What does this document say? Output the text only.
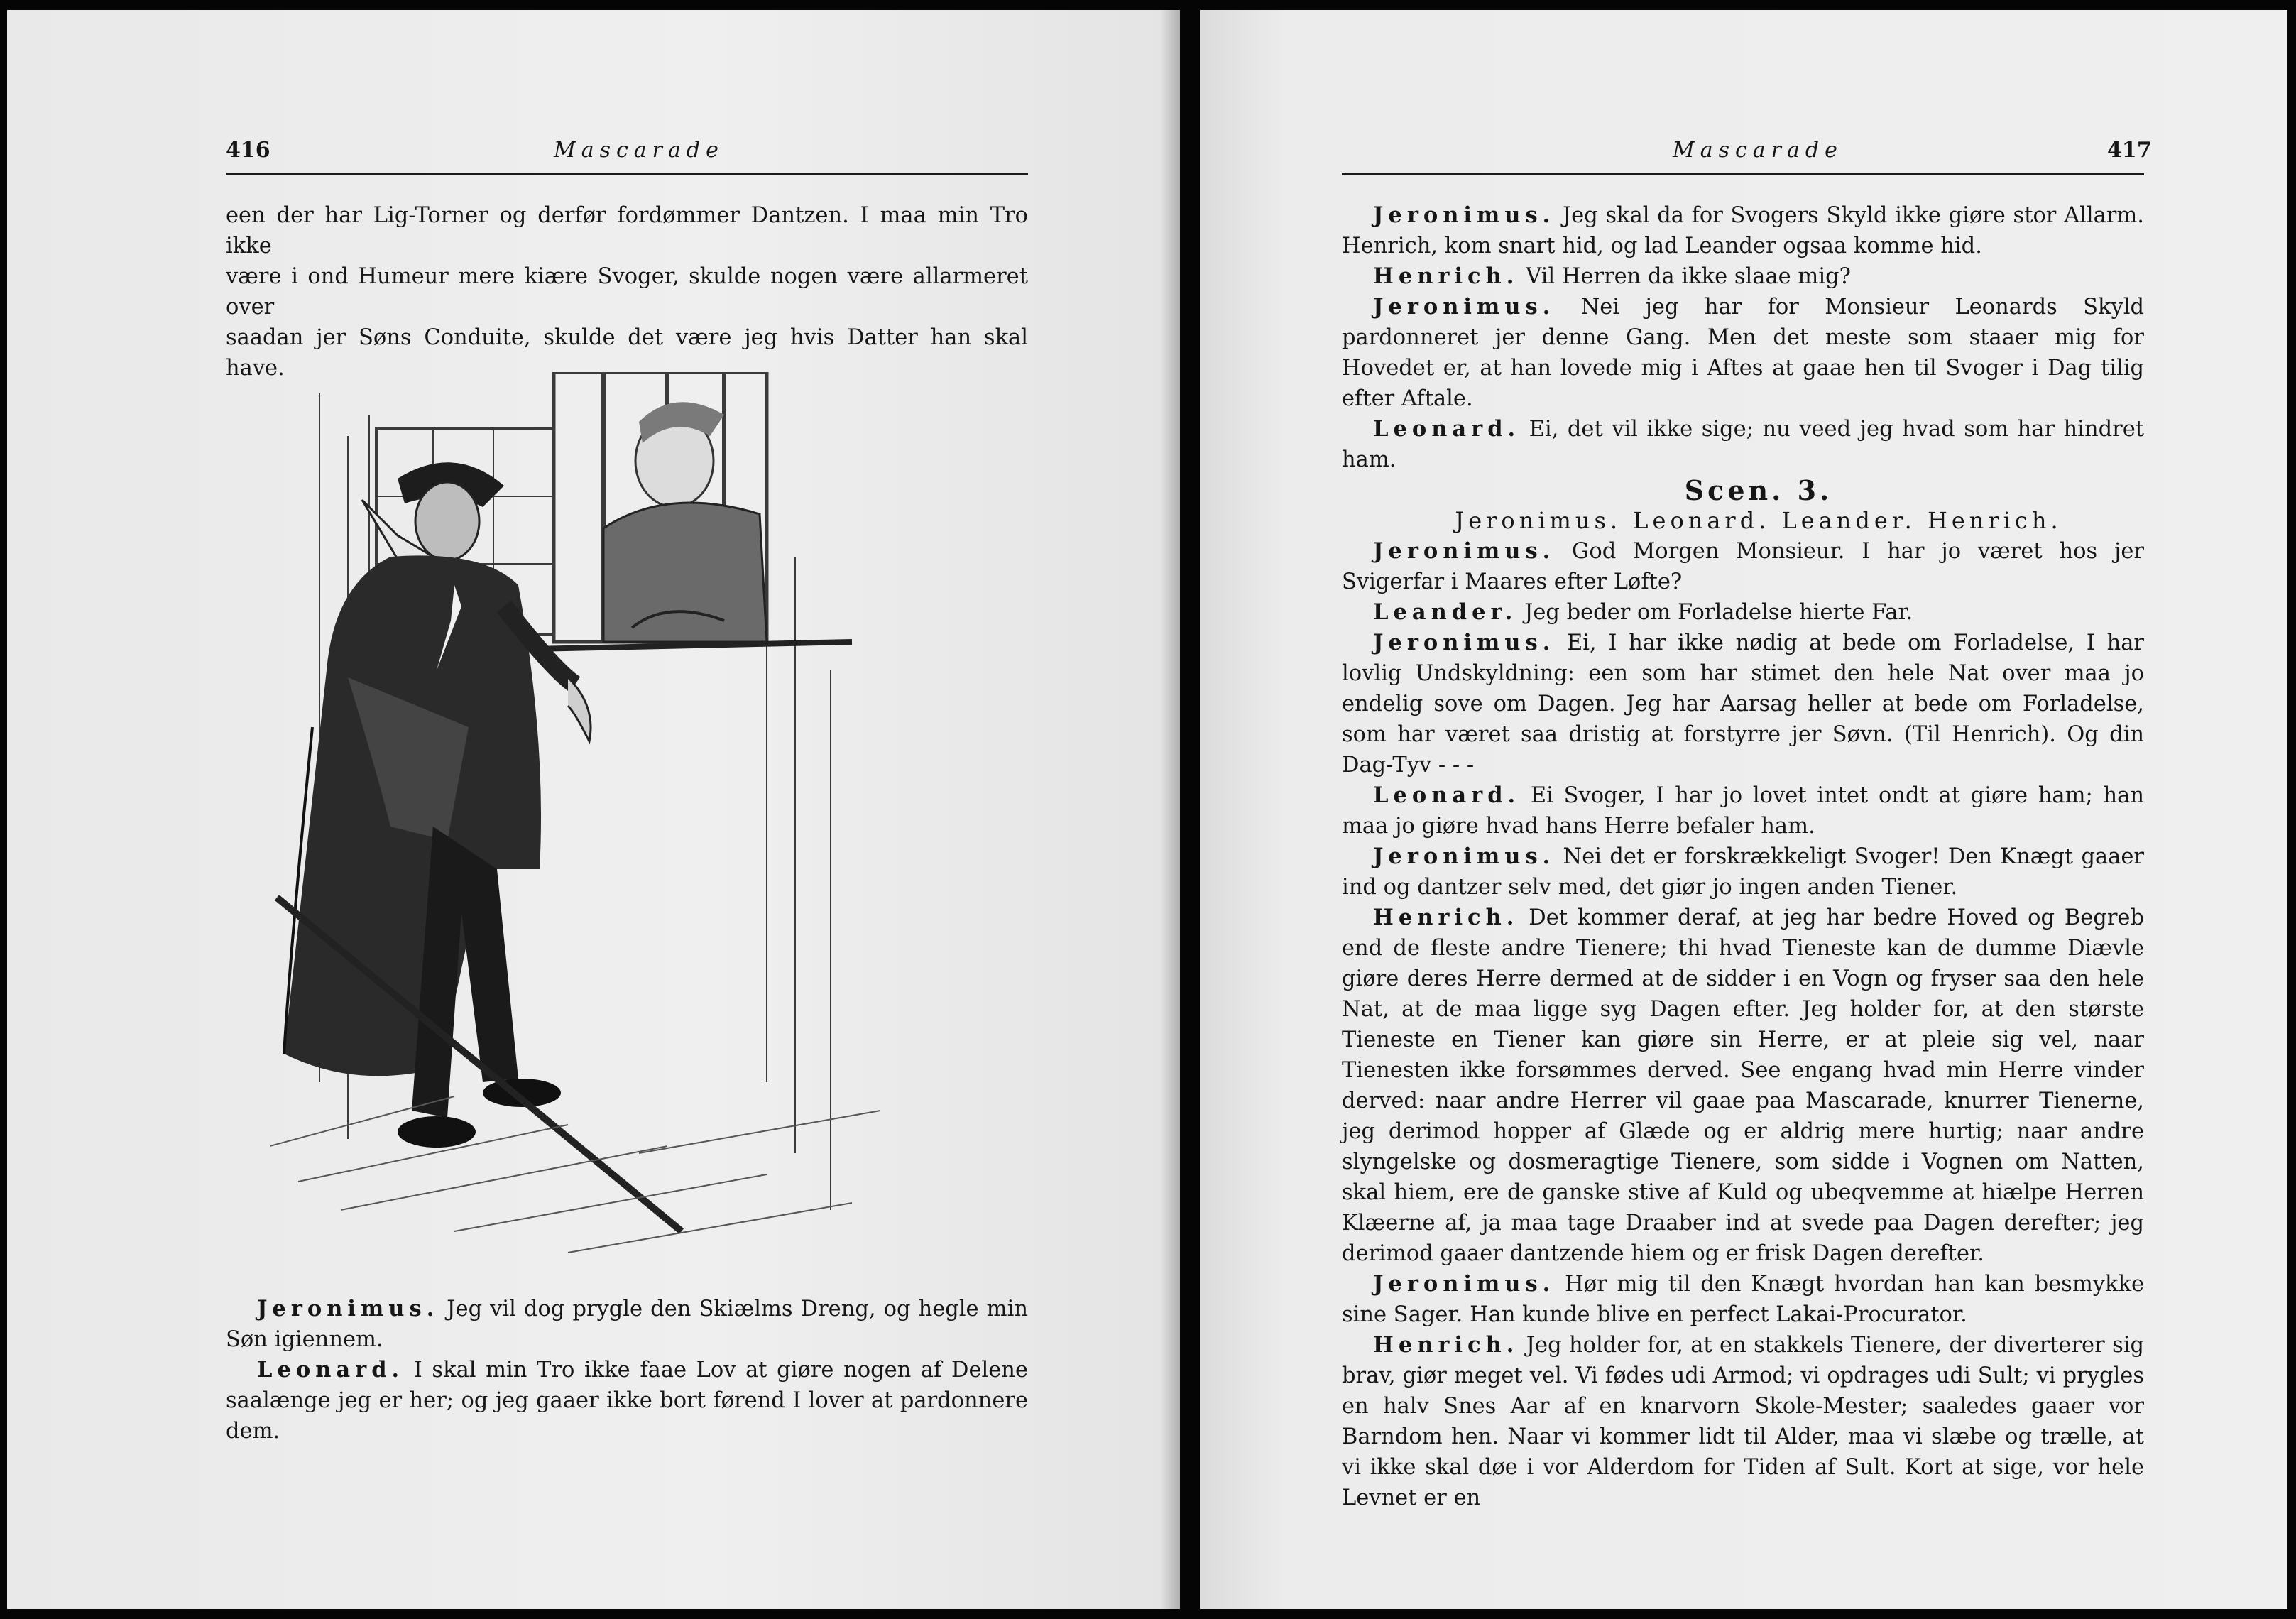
416	Mascarade

een der har Lig-Torner og derfør fordømmer Dantzen. I maa min Tro ikke

være i ond Humeur mere kiære Svoger, skulde nogen være allarmeret over

saadan jer Søns Conduite, skulde det være jeg hvis Datter han skal have.

Jeronimus. Jeg vil dog prygle den Skiælms Dreng, og hegle min Søn igiennem.

Leonard. I skal min Tro ikke faae Lov at giøre nogen af Delene saalænge jeg er her; og jeg gaaer ikke bort førend I lover at pardonnere dem.

Mascarade	417

Jeronimus. Jeg skal da for Svogers Skyld ikke giøre stor Allarm. Henrich, kom snart hid, og lad Leander ogsaa komme hid.

Henrich. Vil Herren da ikke slaae mig?

Jeronimus. Nei jeg har for Monsieur Leonards Skyld pardonneret jer denne Gang. Men det meste som staaer mig for Hovedet er, at han lovede mig i Aftes at gaae hen til Svoger i Dag tilig efter Aftale.

Leonard. Ei, det vil ikke sige; nu veed jeg hvad som har hindret ham.

Scen. 3.

Jeronimus. Leonard. Leander. Henrich.

Jeronimus. God Morgen Monsieur. I har jo været hos jer Svigerfar i Maares efter Løfte?

Leander. Jeg beder om Forladelse hierte Far.

Jeronimus. Ei, I har ikke nødig at bede om Forladelse, I har lovlig Undskyldning: een som har stimet den hele Nat over maa jo endelig sove om Dagen. Jeg har Aarsag heller at bede om Forladelse, som har været saa dristig at forstyrre jer Søvn. (Til Henrich). Og din Dag-Tyv - - -

Leonard. Ei Svoger, I har jo lovet intet ondt at giøre ham; han maa jo giøre hvad hans Herre befaler ham.

Jeronimus. Nei det er forskrækkeligt Svoger! Den Knægt gaaer ind og dantzer selv med, det giør jo ingen anden Tiener.

Henrich. Det kommer deraf, at jeg har bedre Hoved og Begreb end de fleste andre Tienere; thi hvad Tieneste kan de dumme Diævle giøre deres Herre dermed at de sidder i en Vogn og fryser saa den hele Nat, at de maa ligge syg Dagen efter. Jeg holder for, at den største Tieneste en Tiener kan giøre sin Herre, er at pleie sig vel, naar Tienesten ikke forsømmes derved. See engang hvad min Herre vinder derved: naar andre Herrer vil gaae paa Mascarade, knurrer Tienerne, jeg derimod hopper af Glæde og er aldrig mere hurtig; naar andre slyngelske og dosmeragtige Tienere, som sidde i Vognen om Natten, skal hiem, ere de ganske stive af Kuld og ubeqvemme at hiælpe Herren Klæerne af, ja maa tage Draaber ind at svede paa Dagen derefter; jeg derimod gaaer dantzende hiem og er frisk Dagen derefter.

Jeronimus. Hør mig til den Knægt hvordan han kan besmykke sine Sager. Han kunde blive en perfect Lakai-Procurator.

Henrich. Jeg holder for, at en stakkels Tienere, der diverterer sig brav, giør meget vel. Vi fødes udi Armod; vi opdrages udi Sult; vi prygles en halv Snes Aar af en knarvorn Skole-Mester; saaledes gaaer vor Barndom hen. Naar vi kommer lidt til Alder, maa vi slæbe og trælle, at vi ikke skal døe i vor Alderdom for Tiden af Sult. Kort at sige, vor hele Levnet er en
